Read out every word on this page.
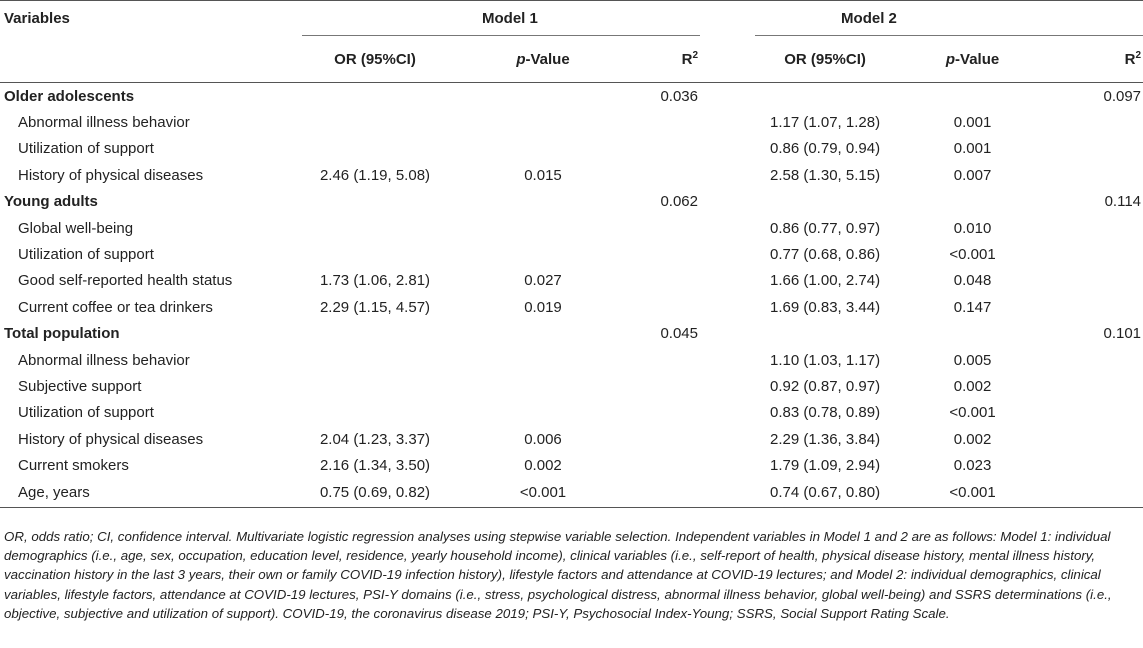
Variables		Model 1				Model 2		
		OR (95%CI)	p-Value	$R^2$		OR (95%CI)	p-Value	$R^2$
Older adolescents				0.036				0.097
Abnormal illness behavior						1.17 (1.07, 1.28)	0.001	
Utilization of support						0.86 (0.79, 0.94)	0.001	
History of physical diseases		2.46 (1.19, 5.08)	0.015			2.58 (1.30, 5.15)	0.007	
Young adults				0.062				0.114
Global well-being						0.86 (0.77, 0.97)	0.010	
Utilization of support						0.77 (0.68, 0.86)	<0.001	
Good self-reported health status		1.73 (1.06, 2.81)	0.027			1.66 (1.00, 2.74)	0.048	
Current coffee or tea drinkers		2.29 (1.15, 4.57)	0.019			1.69 (0.83, 3.44)	0.147	
Total population				0.045				0.101
Abnormal illness behavior						1.10 (1.03, 1.17)	0.005	
Subjective support						0.92 (0.87, 0.97)	0.002	
Utilization of support						0.83 (0.78, 0.89)	<0.001	
History of physical diseases		2.04 (1.23, 3.37)	0.006			2.29 (1.36, 3.84)	0.002	
Current smokers		2.16 (1.34, 3.50)	0.002			1.79 (1.09, 2.94)	0.023	
Age, years		0.75 (0.69, 0.82)	<0.001			0.74 (0.67, 0.80)	<0.001	
OR, odds ratio; CI, confidence interval. Multivariate logistic regression analyses using stepwise variable selection. Independent variables in Model 1 and 2 are as follows: Model 1: individual demographics (i.e., age, sex, occupation, education level, residence, yearly household income), clinical variables (i.e., self-report of health, physical disease history, mental illness history, vaccination history in the last 3 years, their own or family COVID-19 infection history), lifestyle factors and attendance at COVID-19 lectures; and Model 2: individual demographics, clinical variables, lifestyle factors, attendance at COVID-19 lectures, PSI-Y domains (i.e., stress, psychological distress, abnormal illness behavior, global well-being) and SSRS determinations (i.e., objective, subjective and utilization of support). COVID-19, the coronavirus disease 2019; PSI-Y, Psychosocial Index-Young; SSRS, Social Support Rating Scale.
